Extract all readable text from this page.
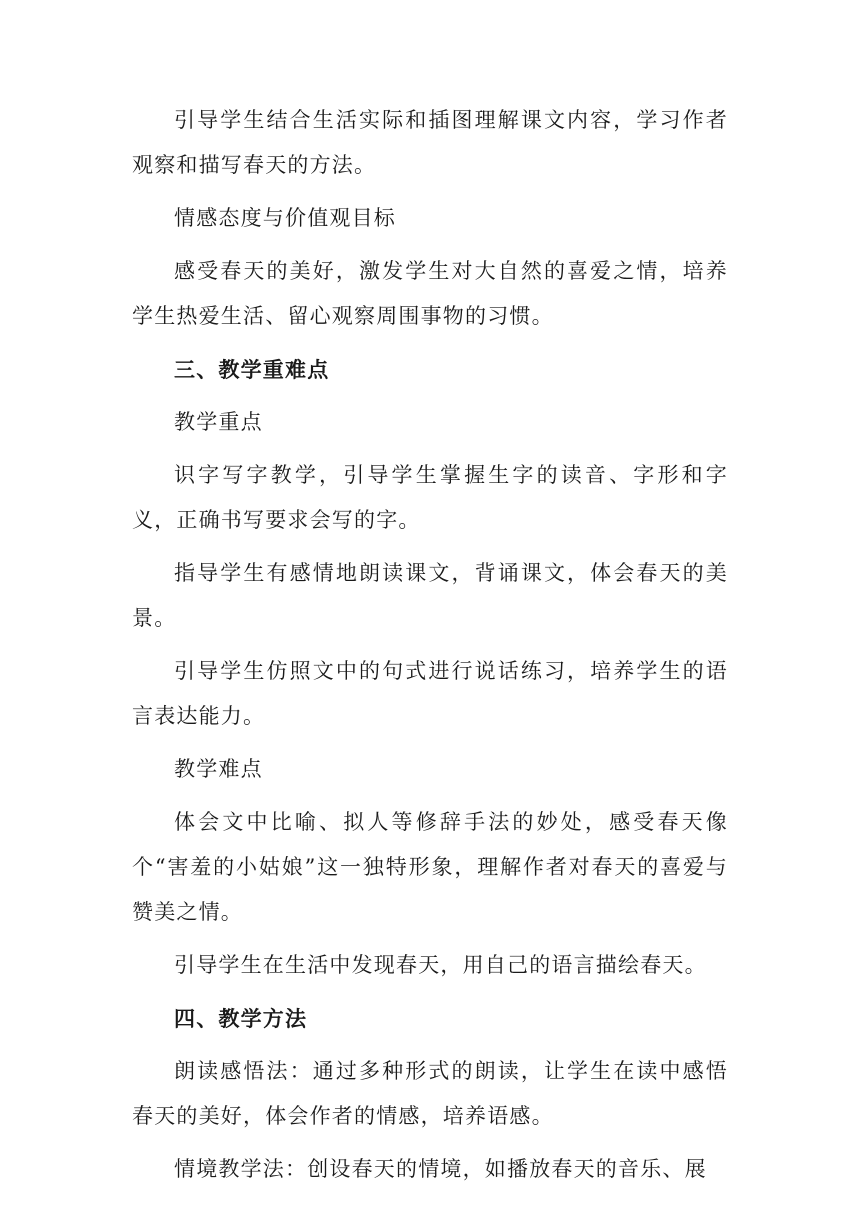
引导学生结合生活实际和插图理解课文内容，学习作者观察和描写春天的方法。

情感态度与价值观目标

感受春天的美好，激发学生对大自然的喜爱之情，培养学生热爱生活、留心观察周围事物的习惯。

三、教学重难点

教学重点

识字写字教学，引导学生掌握生字的读音、字形和字义，正确书写要求会写的字。

指导学生有感情地朗读课文，背诵课文，体会春天的美景。

引导学生仿照文中的句式进行说话练习，培养学生的语言表达能力。

教学难点

体会文中比喻、拟人等修辞手法的妙处，感受春天像个“害羞的小姑娘”这一独特形象，理解作者对春天的喜爱与赞美之情。

引导学生在生活中发现春天，用自己的语言描绘春天。

四、教学方法

朗读感悟法：通过多种形式的朗读，让学生在读中感悟春天的美好，体会作者的情感，培养语感。

情境教学法：创设春天的情境，如播放春天的音乐、展
